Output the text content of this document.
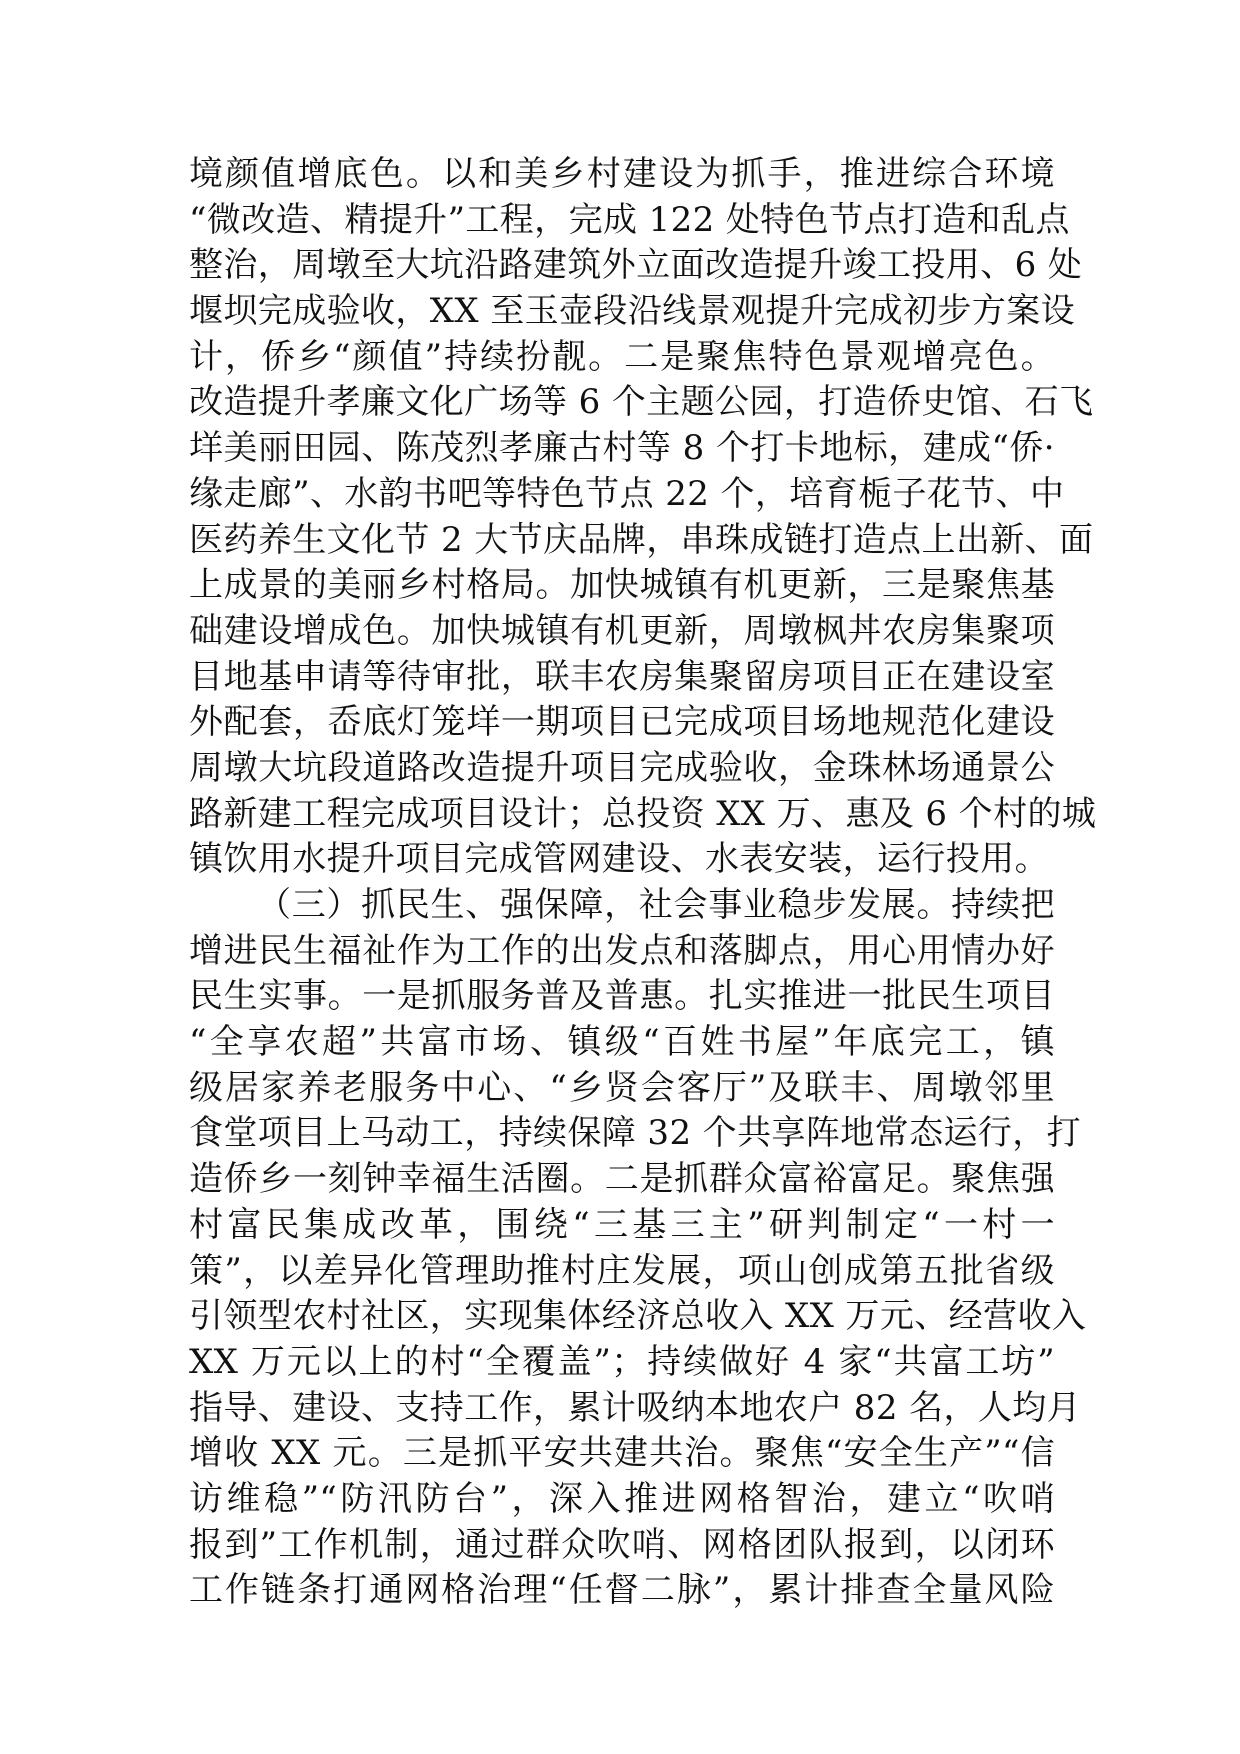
境颜值增底色。以和美乡村建设为抓手，推进综合环境
“微改造、精提升”工程，完成 122 处特色节点打造和乱点
整治，周墩至大坑沿路建筑外立面改造提升竣工投用、6 处
堰坝完成验收，XX 至玉壶段沿线景观提升完成初步方案设
计，侨乡“颜值”持续扮靓。二是聚焦特色景观增亮色。
改造提升孝廉文化广场等 6 个主题公园，打造侨史馆、石飞
垟美丽田园、陈茂烈孝廉古村等 8 个打卡地标，建成“侨·
缘走廊”、水韵书吧等特色节点 22 个，培育栀子花节、中
医药养生文化节 2 大节庆品牌，串珠成链打造点上出新、面
上成景的美丽乡村格局。加快城镇有机更新，三是聚焦基
础建设增成色。加快城镇有机更新，周墩枫丼农房集聚项
目地基申请等待审批，联丰农房集聚留房项目正在建设室
外配套，岙底灯笼垟一期项目已完成项目场地规范化建设
周墩大坑段道路改造提升项目完成验收，金珠林场通景公
路新建工程完成项目设计；总投资 XX 万、惠及 6 个村的城
镇饮用水提升项目完成管网建设、水表安装，运行投用。
（三）抓民生、强保障，社会事业稳步发展。持续把
增进民生福祉作为工作的出发点和落脚点，用心用情办好
民生实事。一是抓服务普及普惠。扎实推进一批民生项目
“全享农超”共富市场、镇级“百姓书屋”年底完工，镇
级居家养老服务中心、“乡贤会客厅”及联丰、周墩邻里
食堂项目上马动工，持续保障 32 个共享阵地常态运行，打
造侨乡一刻钟幸福生活圈。二是抓群众富裕富足。聚焦强
村富民集成改革，围绕“三基三主”研判制定“一村一
策”，以差异化管理助推村庄发展，项山创成第五批省级
引领型农村社区，实现集体经济总收入 XX 万元、经营收入
XX 万元以上的村“全覆盖”；持续做好 4 家“共富工坊”
指导、建设、支持工作，累计吸纳本地农户 82 名，人均月
增收 XX 元。三是抓平安共建共治。聚焦“安全生产”“信
访维稳”“防汛防台”，深入推进网格智治，建立“吹哨
报到”工作机制，通过群众吹哨、网格团队报到，以闭环
工作链条打通网格治理“任督二脉”，累计排查全量风险
